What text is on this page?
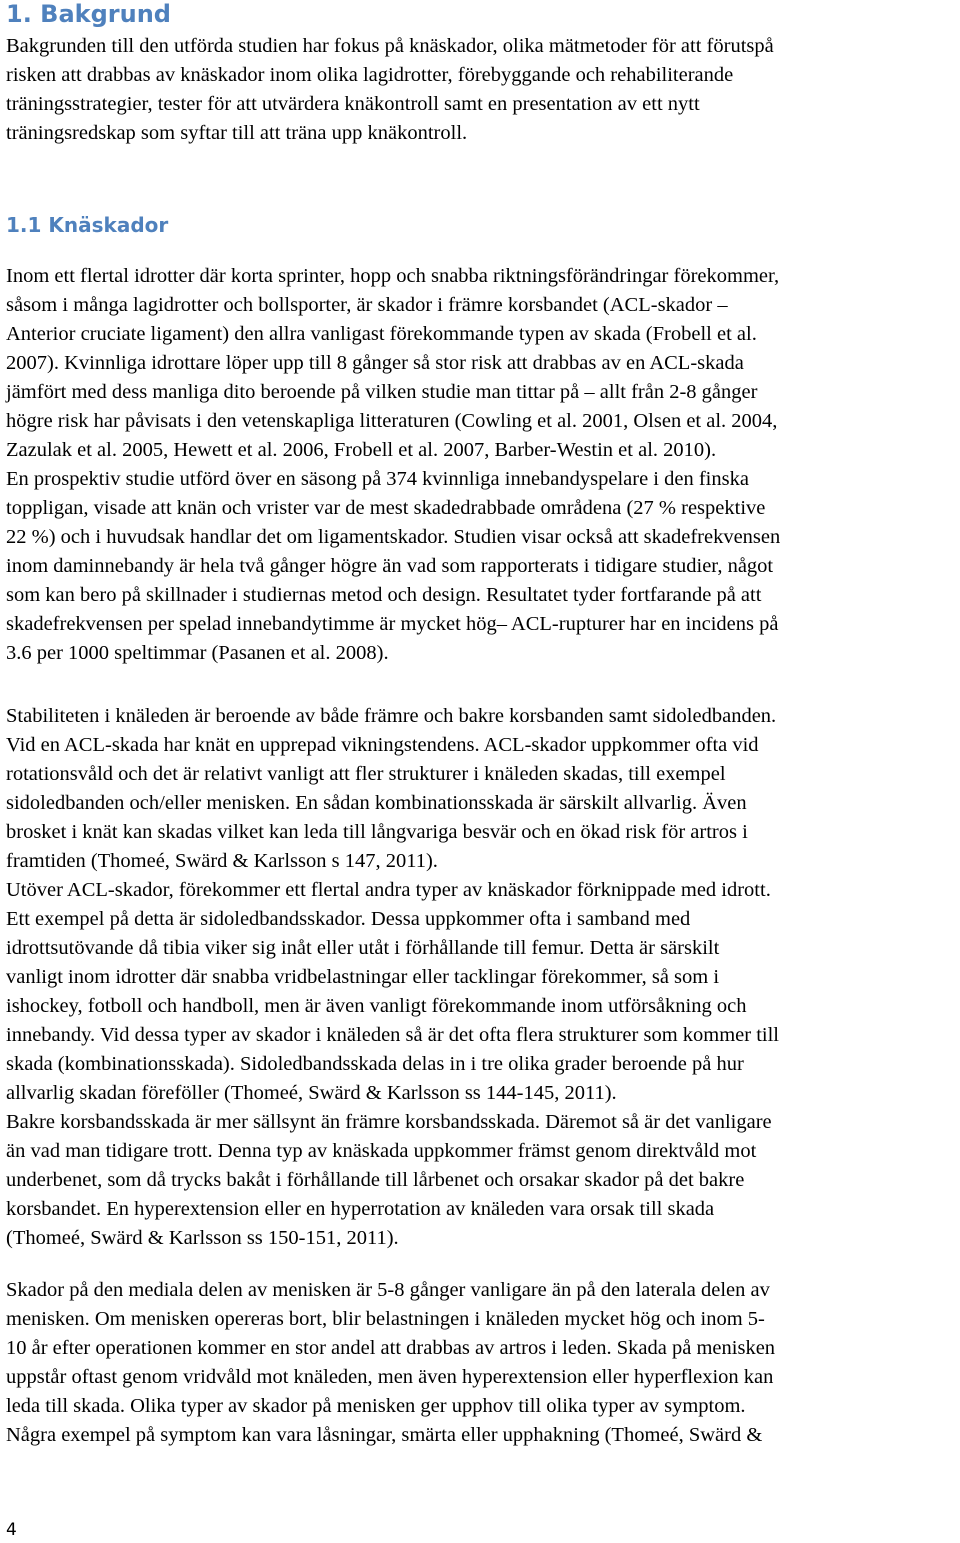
1. Bakgrund

Bakgrunden till den utförda studien har fokus på knäskador, olika mätmetoder för att förutspå
risken att drabbas av knäskador inom olika lagidrotter, förebyggande och rehabiliterande
träningsstrategier, tester för att utvärdera knäkontroll samt en presentation av ett nytt
träningsredskap som syftar till att träna upp knäkontroll.

1.1 Knäskador

Inom ett flertal idrotter där korta sprinter, hopp och snabba riktningsförändringar förekommer,
såsom i många lagidrotter och bollsporter, är skador i främre korsbandet (ACL-skador –
Anterior cruciate ligament) den allra vanligast förekommande typen av skada (Frobell et al.
2007). Kvinnliga idrottare löper upp till 8 gånger så stor risk att drabbas av en ACL-skada
jämfört med dess manliga dito beroende på vilken studie man tittar på – allt från 2-8 gånger
högre risk har påvisats i den vetenskapliga litteraturen (Cowling et al. 2001, Olsen et al. 2004,
Zazulak et al. 2005, Hewett et al. 2006, Frobell et al. 2007, Barber-Westin et al. 2010).
En prospektiv studie utförd över en säsong på 374 kvinnliga innebandyspelare i den finska
toppligan, visade att knän och vrister var de mest skadedrabbade områdena (27 % respektive
22 %) och i huvudsak handlar det om ligamentskador. Studien visar också att skadefrekvensen
inom daminnebandy är hela två gånger högre än vad som rapporterats i tidigare studier, något
som kan bero på skillnader i studiernas metod och design. Resultatet tyder fortfarande på att
skadefrekvensen per spelad innebandytimme är mycket hög– ACL-rupturer har en incidens på
3.6 per 1000 speltimmar (Pasanen et al. 2008).

Stabiliteten i knäleden är beroende av både främre och bakre korsbanden samt sidoledbanden.
Vid en ACL-skada har knät en upprepad vikningstendens. ACL-skador uppkommer ofta vid
rotationsvåld och det är relativt vanligt att fler strukturer i knäleden skadas, till exempel
sidoledbanden och/eller menisken. En sådan kombinationsskada är särskilt allvarlig. Även
brosket i knät kan skadas vilket kan leda till långvariga besvär och en ökad risk för artros i
framtiden (Thomeé, Swärd & Karlsson s 147, 2011).
Utöver ACL-skador, förekommer ett flertal andra typer av knäskador förknippade med idrott.
Ett exempel på detta är sidoledbandsskador. Dessa uppkommer ofta i samband med
idrottsutövande då tibia viker sig inåt eller utåt i förhållande till femur. Detta är särskilt
vanligt inom idrotter där snabba vridbelastningar eller tacklingar förekommer, så som i
ishockey, fotboll och handboll, men är även vanligt förekommande inom utförsåkning och
innebandy. Vid dessa typer av skador i knäleden så är det ofta flera strukturer som kommer till
skada (kombinationsskada). Sidoledbandsskada delas in i tre olika grader beroende på hur
allvarlig skadan föreföller (Thomeé, Swärd & Karlsson ss 144-145, 2011).
Bakre korsbandsskada är mer sällsynt än främre korsbandsskada. Däremot så är det vanligare
än vad man tidigare trott. Denna typ av knäskada uppkommer främst genom direktvåld mot
underbenet, som då trycks bakåt i förhållande till lårbenet och orsakar skador på det bakre
korsbandet. En hyperextension eller en hyperrotation av knäleden vara orsak till skada
(Thomeé, Swärd & Karlsson ss 150-151, 2011).

Skador på den mediala delen av menisken är 5-8 gånger vanligare än på den laterala delen av
menisken. Om menisken opereras bort, blir belastningen i knäleden mycket hög och inom 5-
10 år efter operationen kommer en stor andel att drabbas av artros i leden. Skada på menisken
uppstår oftast genom vridvåld mot knäleden, men även hyperextension eller hyperflexion kan
leda till skada. Olika typer av skador på menisken ger upphov till olika typer av symptom.
Några exempel på symptom kan vara låsningar, smärta eller upphakning (Thomeé, Swärd &

4
